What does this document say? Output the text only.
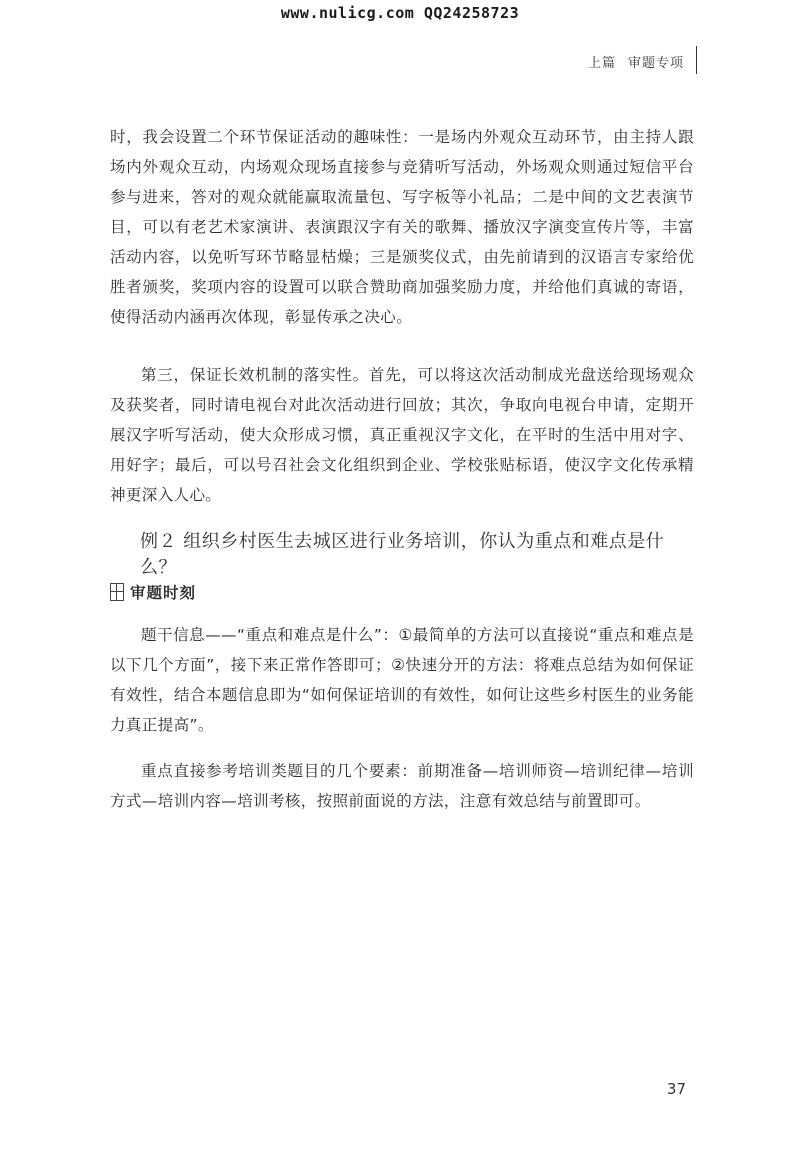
www.nulicg.com QQ24258723
上篇 审题专项

时，我会设置二个环节保证活动的趣味性：一是场内外观众互动环节，由主持人跟场内外观众互动，内场观众现场直接参与竞猜听写活动，外场观众则通过短信平台参与进来，答对的观众就能赢取流量包、写字板等小礼品；二是中间的文艺表演节目，可以有老艺术家演讲、表演跟汉字有关的歌舞、播放汉字演变宣传片等，丰富活动内容，以免听写环节略显枯燥；三是颁奖仪式，由先前请到的汉语言专家给优胜者颁奖，奖项内容的设置可以联合赞助商加强奖励力度，并给他们真诚的寄语，使得活动内涵再次体现，彰显传承之决心。

第三，保证长效机制的落实性。首先，可以将这次活动制成光盘送给现场观众及获奖者，同时请电视台对此次活动进行回放；其次，争取向电视台申请，定期开展汉字听写活动，使大众形成习惯，真正重视汉字文化，在平时的生活中用对字、用好字；最后，可以号召社会文化组织到企业、学校张贴标语，使汉字文化传承精神更深入人心。

例２ 组织乡村医生去城区进行业务培训，你认为重点和难点是什么？

审题时刻

题干信息——“重点和难点是什么”：①最简单的方法可以直接说“重点和难点是以下几个方面”，接下来正常作答即可；②快速分开的方法：将难点总结为如何保证有效性，结合本题信息即为“如何保证培训的有效性，如何让这些乡村医生的业务能力真正提高”。

重点直接参考培训类题目的几个要素：前期准备—培训师资—培训纪律—培训方式—培训内容—培训考核，按照前面说的方法，注意有效总结与前置即可。

37
